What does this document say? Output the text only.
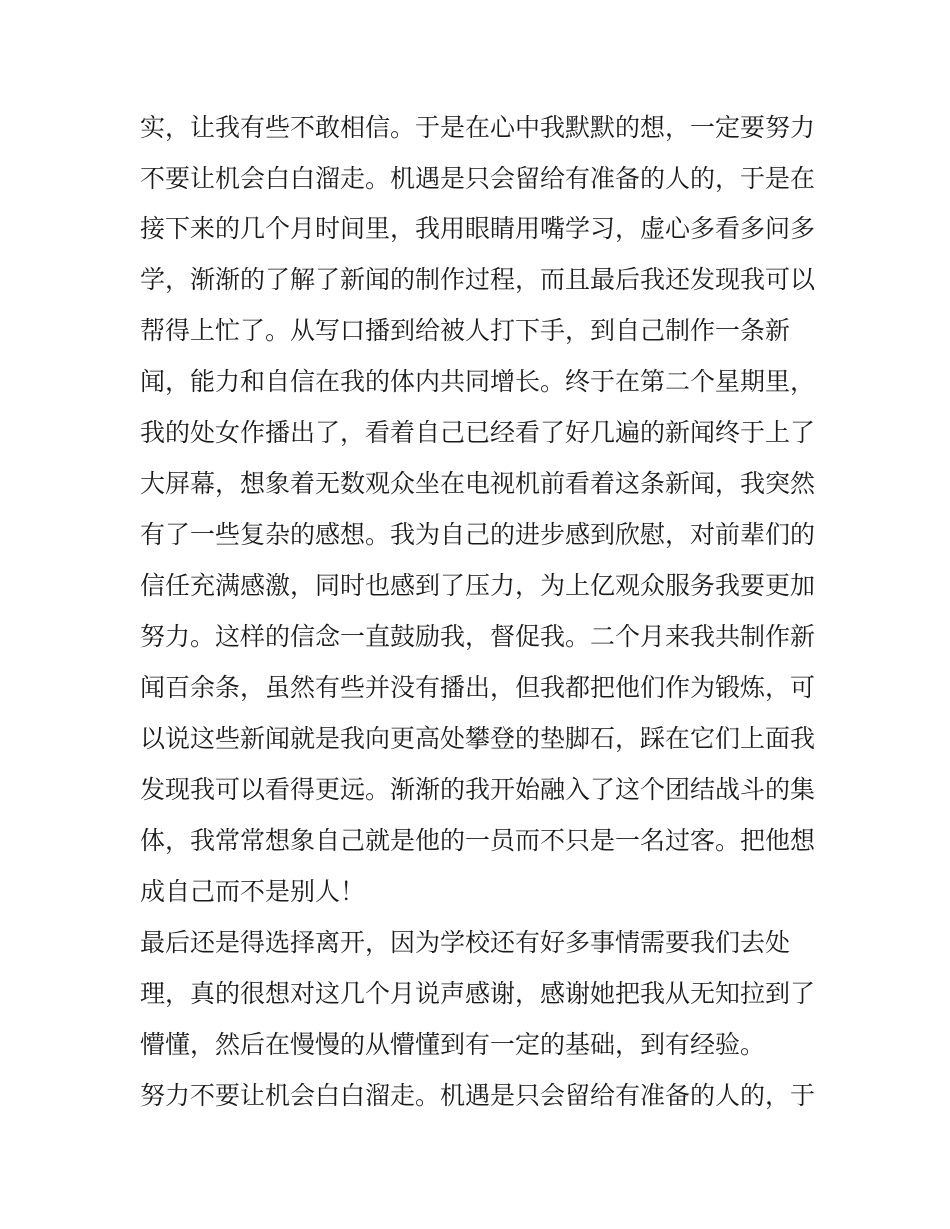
实，让我有些不敢相信。于是在心中我默默的想，一定要努力

不要让机会白白溜走。机遇是只会留给有准备的人的，于是在

接下来的几个月时间里，我用眼睛用嘴学习，虚心多看多问多

学，渐渐的了解了新闻的制作过程，而且最后我还发现我可以

帮得上忙了。从写口播到给被人打下手，到自己制作一条新

闻，能力和自信在我的体内共同增长。终于在第二个星期里，

我的处女作播出了，看着自己已经看了好几遍的新闻终于上了

大屏幕，想象着无数观众坐在电视机前看着这条新闻，我突然

有了一些复杂的感想。我为自己的进步感到欣慰，对前辈们的

信任充满感激，同时也感到了压力，为上亿观众服务我要更加

努力。这样的信念一直鼓励我，督促我。二个月来我共制作新

闻百余条，虽然有些并没有播出，但我都把他们作为锻炼，可

以说这些新闻就是我向更高处攀登的垫脚石，踩在它们上面我

发现我可以看得更远。渐渐的我开始融入了这个团结战斗的集

体，我常常想象自己就是他的一员而不只是一名过客。把他想

成自己而不是别人！

最后还是得选择离开，因为学校还有好多事情需要我们去处

理，真的很想对这几个月说声感谢，感谢她把我从无知拉到了

懵懂，然后在慢慢的从懵懂到有一定的基础，到有经验。

努力不要让机会白白溜走。机遇是只会留给有准备的人的，于
